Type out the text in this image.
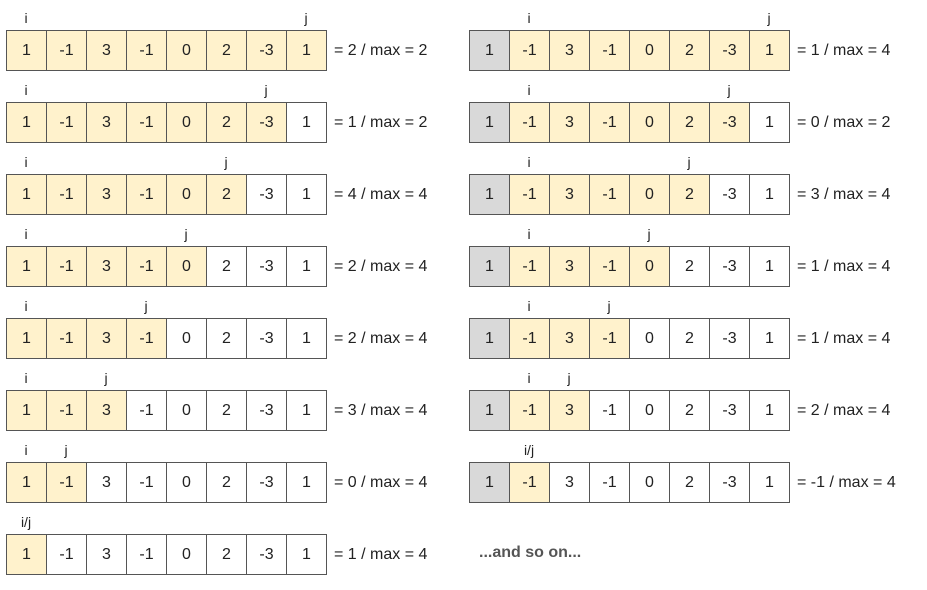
i	j
1	-1	3	-1	0	2	-3	1	= 2 / max = 2
i	j
1	-1	3	-1	0	2	-3	1	= 1 / max = 2
i	j
1	-1	3	-1	0	2	-3	1	= 4 / max = 4
i	j
1	-1	3	-1	0	2	-3	1	= 2 / max = 4
i	j
1	-1	3	-1	0	2	-3	1	= 2 / max = 4
i	j
1	-1	3	-1	0	2	-3	1	= 3 / max = 4
i	j
1	-1	3	-1	0	2	-3	1	= 0 / max = 4
i/j
1	-1	3	-1	0	2	-3	1	= 1 / max = 4
i	j
1	-1	3	-1	0	2	-3	1	= 1 / max = 4
i	j
1	-1	3	-1	0	2	-3	1	= 0 / max = 2
i	j
1	-1	3	-1	0	2	-3	1	= 3 / max = 4
i	j
1	-1	3	-1	0	2	-3	1	= 1 / max = 4
i	j
1	-1	3	-1	0	2	-3	1	= 1 / max = 4
i	j
1	-1	3	-1	0	2	-3	1	= 2 / max = 4
i/j
1	-1	3	-1	0	2	-3	1	= -1 / max = 4
...and so on...
